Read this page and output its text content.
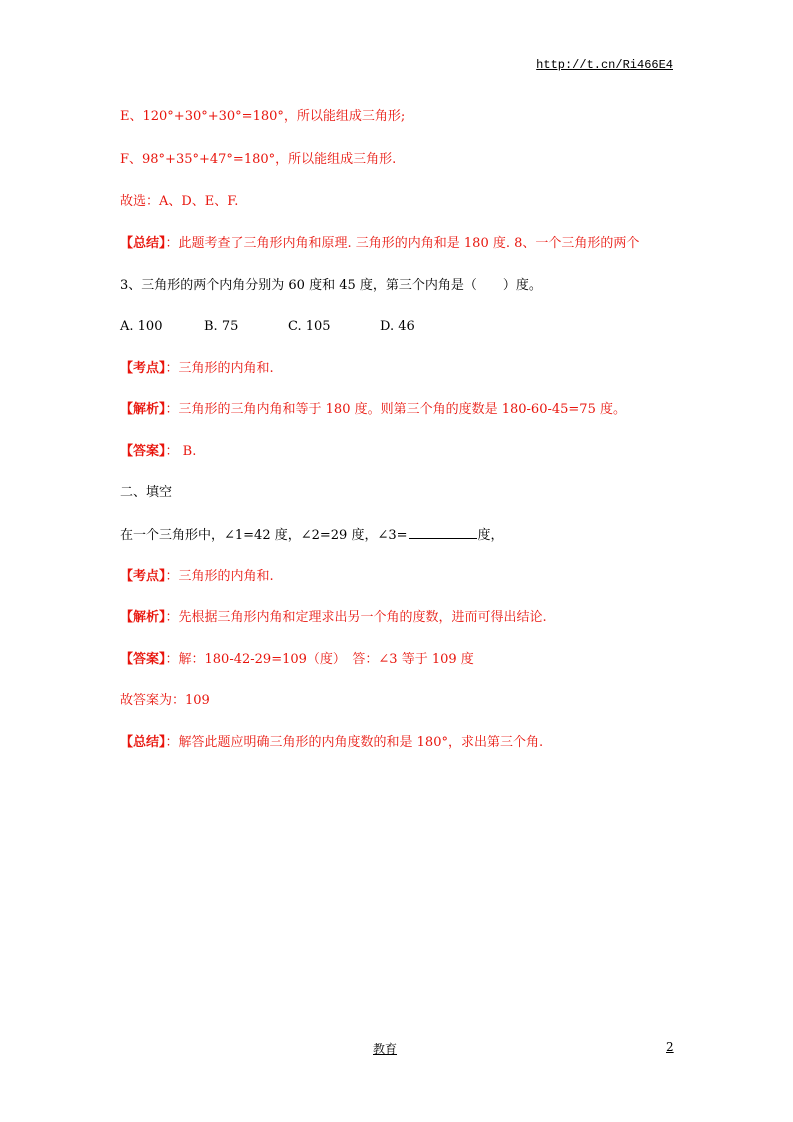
http://t.cn/Ri466E4
E、120°+30°+30°=180°，所以能组成三角形;
F、98°+35°+47°=180°，所以能组成三角形.
故选：A、D、E、F.
【总结】：此题考查了三角形内角和原理. 三角形的内角和是 180 度. 8、一个三角形的两个
3、三角形的两个内角分别为 60 度和 45 度，第三个内角是（　　）度。
A. 100	B. 75	C. 105	D. 46
【考点】：三角形的内角和.
【解析】：三角形的三角内角和等于 180 度。则第三个角的度数是 180-60-45=75 度。
【答案】： B.
二、填空
在一个三角形中，∠1=42 度，∠2=29 度，∠3=	度，
【考点】：三角形的内角和.
【解析】：先根据三角形内角和定理求出另一个角的度数，进而可得出结论.
【答案】：解：180-42-29=109（度）　答：∠3 等于 109 度
故答案为：109
【总结】：解答此题应明确三角形的内角度数的和是 180°，求出第三个角.
教育	2
